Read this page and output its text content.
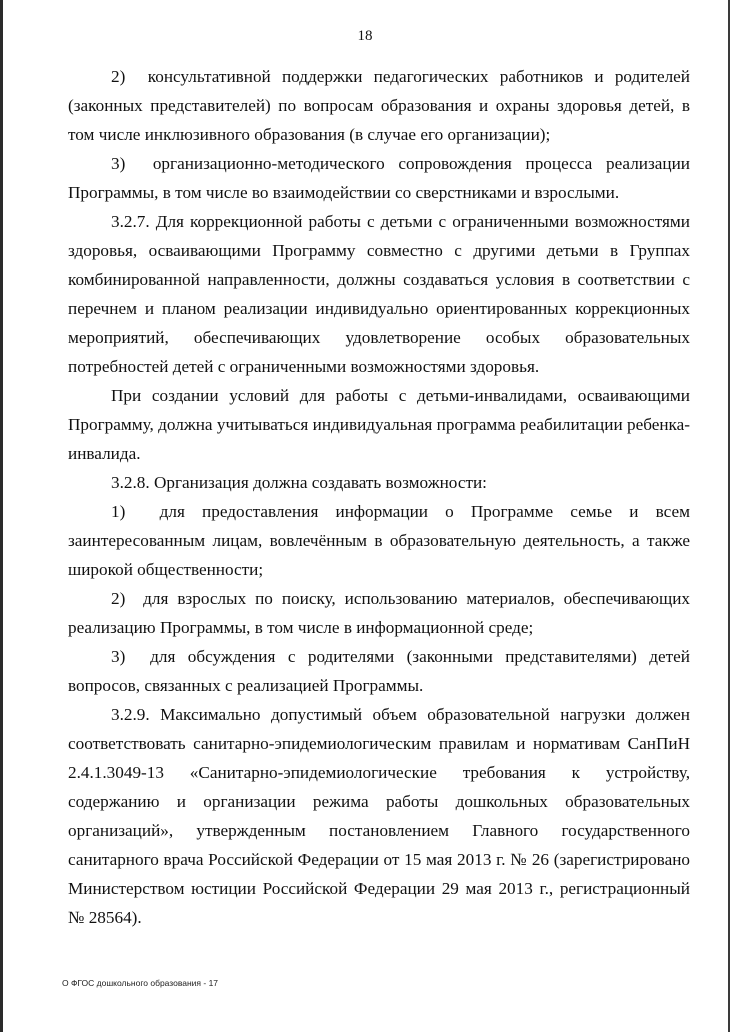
18

2)  консультативной поддержки педагогических работников и родителей (законных представителей) по вопросам образования и охраны здоровья детей, в том числе инклюзивного образования (в случае его организации);

3)  организационно-методического сопровождения процесса реализации Программы, в том числе во взаимодействии со сверстниками и взрослыми.

3.2.7. Для коррекционной работы с детьми с ограниченными возможностями здоровья, осваивающими Программу совместно с другими детьми в Группах комбинированной направленности, должны создаваться условия в соответствии с перечнем и планом реализации индивидуально ориентированных коррекционных мероприятий, обеспечивающих удовлетворение особых образовательных потребностей детей с ограниченными возможностями здоровья.

При создании условий для работы с детьми-инвалидами, осваивающими Программу, должна учитываться индивидуальная программа реабилитации ребенка-инвалида.

3.2.8. Организация должна создавать возможности:

1)  для предоставления информации о Программе семье и всем заинтересованным лицам, вовлечённым в образовательную деятельность, а также широкой общественности;

2)  для взрослых по поиску, использованию материалов, обеспечивающих реализацию Программы, в том числе в информационной среде;

3)  для обсуждения с родителями (законными представителями) детей вопросов, связанных с реализацией Программы.

3.2.9. Максимально допустимый объем образовательной нагрузки должен соответствовать санитарно-эпидемиологическим правилам и нормативам СанПиН 2.4.1.3049-13 «Санитарно-эпидемиологические требования к устройству, содержанию и организации режима работы дошкольных образовательных организаций», утвержденным постановлением Главного государственного санитарного врача Российской Федерации от 15 мая 2013 г. № 26 (зарегистрировано Министерством юстиции Российской Федерации 29 мая 2013 г., регистрационный № 28564).

О ФГОС дошкольного образования - 17
